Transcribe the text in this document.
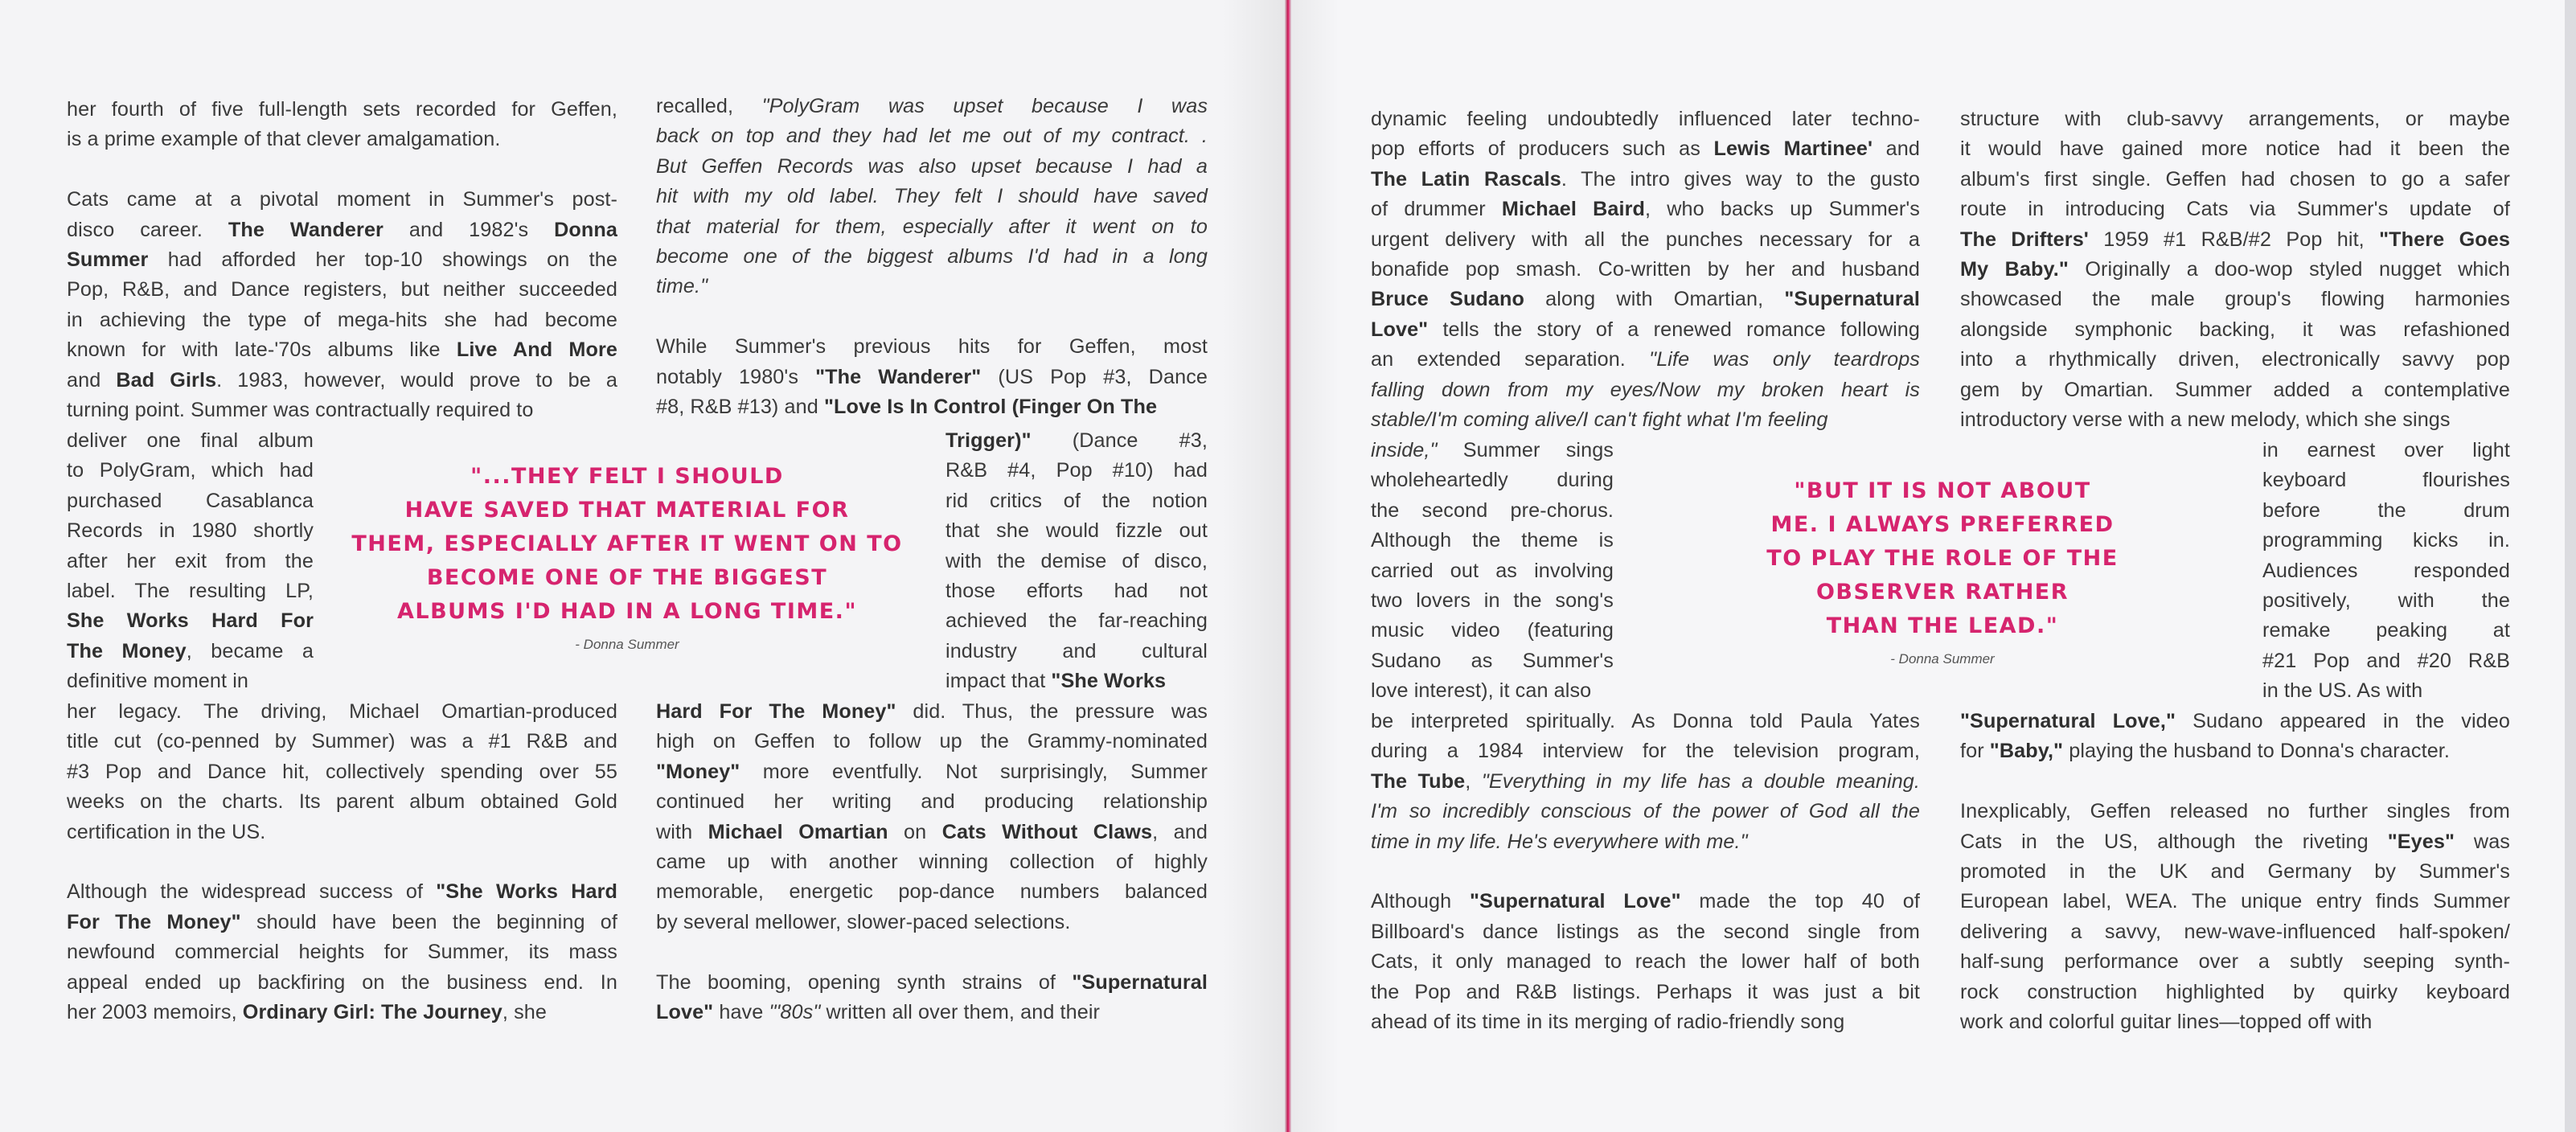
her fourth of five full-length sets recorded for Geffen,
is a prime example of that clever amalgamation.
Cats came at a pivotal moment in Summer's post-
disco career. The Wanderer and 1982's Donna
Summer had afforded her top-10 showings on the
Pop, R&B, and Dance registers, but neither succeeded
in achieving the type of mega-hits she had become
known for with late-'70s albums like Live And More
and Bad Girls. 1983, however, would prove to be a
turning point. Summer was contractually required to
deliver one final album
to PolyGram, which had
purchased Casablanca
Records in 1980 shortly
after her exit from the
label. The resulting LP,
She Works Hard For
The Money, became a
definitive moment in
her legacy. The driving, Michael Omartian-produced
title cut (co-penned by Summer) was a #1 R&B and
#3 Pop and Dance hit, collectively spending over 55
weeks on the charts. Its parent album obtained Gold
certification in the US.
Although the widespread success of "She Works Hard
For The Money" should have been the beginning of
newfound commercial heights for Summer, its mass
appeal ended up backfiring on the business end. In
her 2003 memoirs, Ordinary Girl: The Journey, she
recalled, "PolyGram was upset because I was
back on top and they had let me out of my contract. .
But Geffen Records was also upset because I had a
hit with my old label. They felt I should have saved
that material for them, especially after it went on to
become one of the biggest albums I'd had in a long
time."
While Summer's previous hits for Geffen, most
notably 1980's "The Wanderer" (US Pop #3, Dance
#8, R&B #13) and "Love Is In Control (Finger On The
Trigger)" (Dance #3,
R&B #4, Pop #10) had
rid critics of the notion
that she would fizzle out
with the demise of disco,
those efforts had not
achieved the far-reaching
industry and cultural
impact that "She Works
Hard For The Money" did. Thus, the pressure was
high on Geffen to follow up the Grammy-nominated
"Money" more eventfully. Not surprisingly, Summer
continued her writing and producing relationship
with Michael Omartian on Cats Without Claws, and
came up with another winning collection of highly
memorable, energetic pop-dance numbers balanced
by several mellower, slower-paced selections.
The booming, opening synth strains of "Supernatural
Love" have "'80s" written all over them, and their
"...THEY FELT I SHOULD
HAVE SAVED THAT MATERIAL FOR
THEM, ESPECIALLY AFTER IT WENT ON TO
BECOME ONE OF THE BIGGEST
ALBUMS I'D HAD IN A LONG TIME."
- Donna Summer
dynamic feeling undoubtedly influenced later techno-
pop efforts of producers such as Lewis Martinee' and
The Latin Rascals. The intro gives way to the gusto
of drummer Michael Baird, who backs up Summer's
urgent delivery with all the punches necessary for a
bonafide pop smash. Co-written by her and husband
Bruce Sudano along with Omartian, "Supernatural
Love" tells the story of a renewed romance following
an extended separation. "Life was only teardrops
falling down from my eyes/Now my broken heart is
stable/I'm coming alive/I can't fight what I'm feeling
inside," Summer sings
wholeheartedly during
the second pre-chorus.
Although the theme is
carried out as involving
two lovers in the song's
music video (featuring
Sudano as Summer's
love interest), it can also
be interpreted spiritually. As Donna told Paula Yates
during a 1984 interview for the television program,
The Tube, "Everything in my life has a double meaning.
I'm so incredibly conscious of the power of God all the
time in my life. He's everywhere with me."
Although "Supernatural Love" made the top 40 of
Billboard's dance listings as the second single from
Cats, it only managed to reach the lower half of both
the Pop and R&B listings. Perhaps it was just a bit
ahead of its time in its merging of radio-friendly song
structure with club-savvy arrangements, or maybe
it would have gained more notice had it been the
album's first single. Geffen had chosen to go a safer
route in introducing Cats via Summer's update of
The Drifters' 1959 #1 R&B/#2 Pop hit, "There Goes
My Baby." Originally a doo-wop styled nugget which
showcased the male group's flowing harmonies
alongside symphonic backing, it was refashioned
into a rhythmically driven, electronically savvy pop
gem by Omartian. Summer added a contemplative
introductory verse with a new melody, which she sings
in earnest over light
keyboard flourishes
before the drum
programming kicks in.
Audiences responded
positively, with the
remake peaking at
#21 Pop and #20 R&B
in the US. As with
"Supernatural Love," Sudano appeared in the video
for "Baby," playing the husband to Donna's character.
Inexplicably, Geffen released no further singles from
Cats in the US, although the riveting "Eyes" was
promoted in the UK and Germany by Summer's
European label, WEA. The unique entry finds Summer
delivering a savvy, new-wave-influenced half-spoken/
half-sung performance over a subtly seeping synth-
rock construction highlighted by quirky keyboard
work and colorful guitar lines—topped off with
"BUT IT IS NOT ABOUT
ME. I ALWAYS PREFERRED
TO PLAY THE ROLE OF THE
OBSERVER RATHER
THAN THE LEAD."
- Donna Summer
